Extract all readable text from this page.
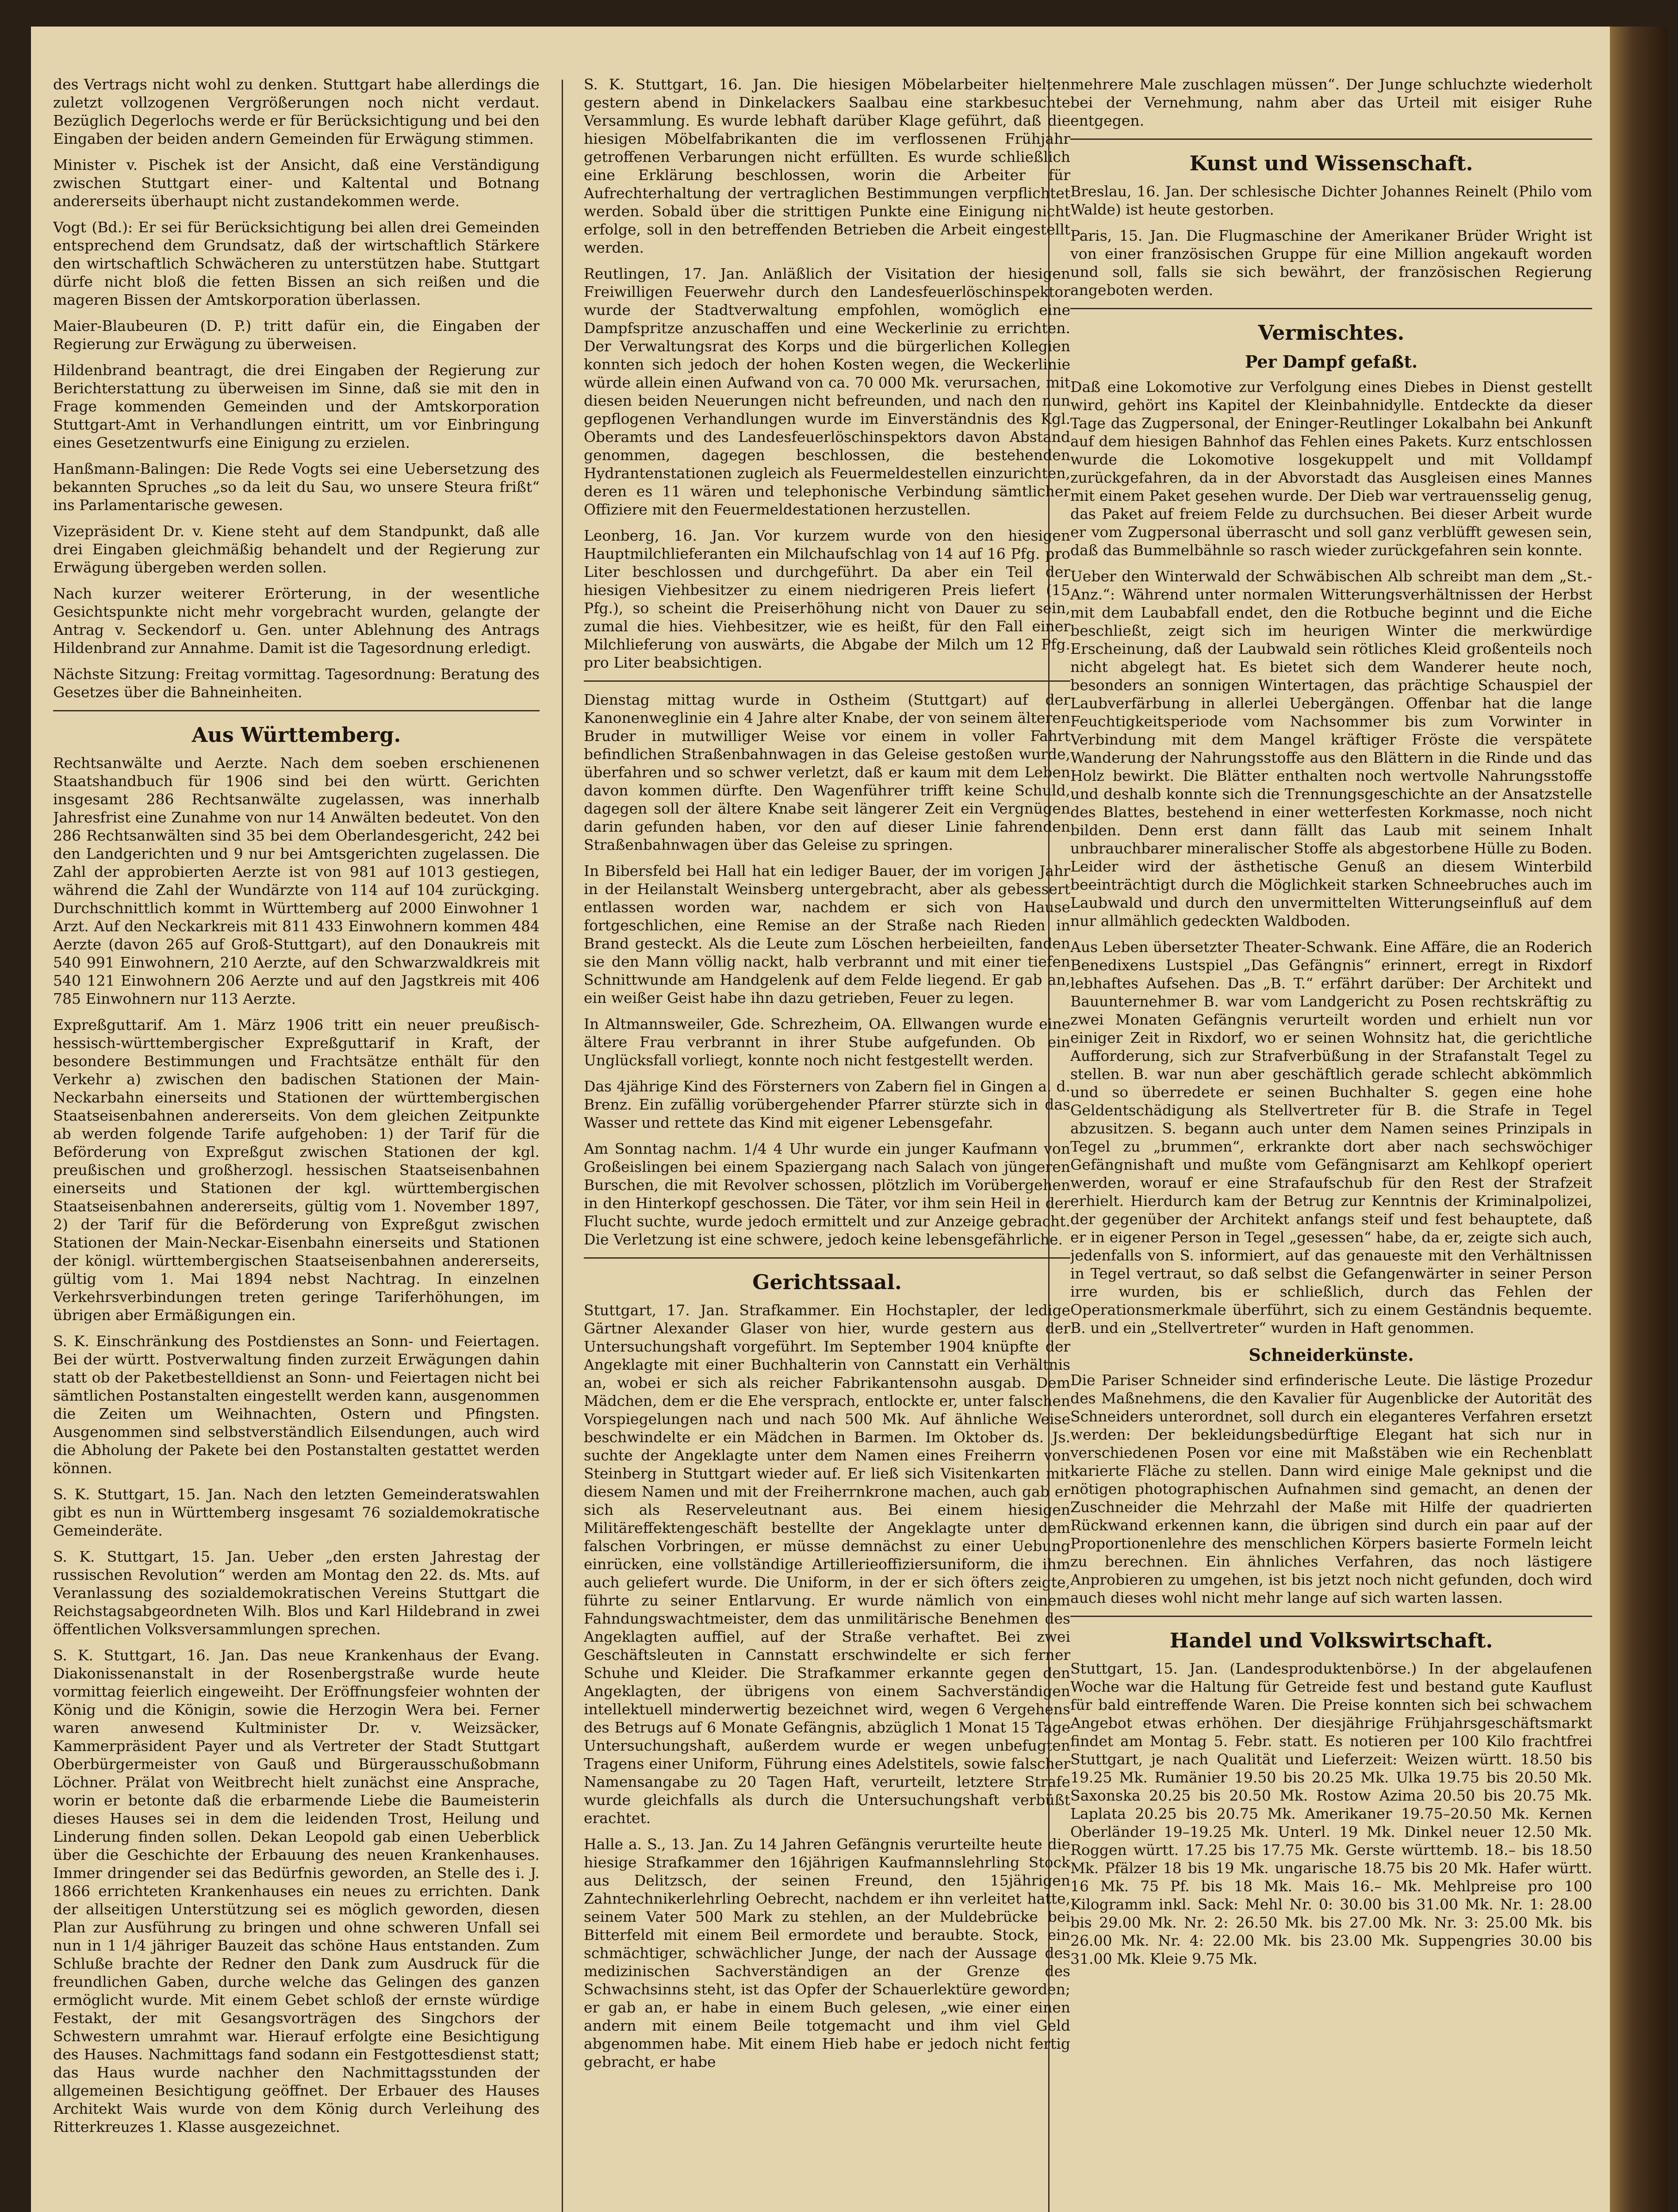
des Vertrags nicht wohl zu denken. Stuttgart habe allerdings die zuletzt vollzogenen Vergrößerungen noch nicht verdaut. Bezüglich Degerlochs werde er für Berücksichtigung und bei den Eingaben der beiden andern Gemeinden für Erwägung stimmen.

Minister v. Pischek ist der Ansicht, daß eine Verständigung zwischen Stuttgart einer- und Kaltental und Botnang andererseits überhaupt nicht zustandekommen werde.

Vogt (Bd.): Er sei für Berücksichtigung bei allen drei Gemeinden entsprechend dem Grundsatz, daß der wirtschaftlich Stärkere den wirtschaftlich Schwächeren zu unterstützen habe. Stuttgart dürfe nicht bloß die fetten Bissen an sich reißen und die mageren Bissen der Amtskorporation überlassen.

Maier-Blaubeuren (D. P.) tritt dafür ein, die Eingaben der Regierung zur Erwägung zu überweisen.

Hildenbrand beantragt, die drei Eingaben der Regierung zur Berichterstattung zu überweisen im Sinne, daß sie mit den in Frage kommenden Gemeinden und der Amtskorporation Stuttgart-Amt in Verhandlungen eintritt, um vor Einbringung eines Gesetzentwurfs eine Einigung zu erzielen.

Hanßmann-Balingen: Die Rede Vogts sei eine Uebersetzung des bekannten Spruches „so da leit du Sau, wo unsere Steura frißt“ ins Parlamentarische gewesen.

Vizepräsident Dr. v. Kiene steht auf dem Standpunkt, daß alle drei Eingaben gleichmäßig behandelt und der Regierung zur Erwägung übergeben werden sollen.

Nach kurzer weiterer Erörterung, in der wesentliche Gesichtspunkte nicht mehr vorgebracht wurden, gelangte der Antrag v. Seckendorf u. Gen. unter Ablehnung des Antrags Hildenbrand zur Annahme. Damit ist die Tagesordnung erledigt.

Nächste Sitzung: Freitag vormittag. Tagesordnung: Beratung des Gesetzes über die Bahneinheiten.

Aus Württemberg.

Rechtsanwälte und Aerzte. Nach dem soeben erschienenen Staatshandbuch für 1906 sind bei den württ. Gerichten insgesamt 286 Rechtsanwälte zugelassen, was innerhalb Jahresfrist eine Zunahme von nur 14 Anwälten bedeutet. Von den 286 Rechtsanwälten sind 35 bei dem Oberlandesgericht, 242 bei den Landgerichten und 9 nur bei Amtsgerichten zugelassen. Die Zahl der approbierten Aerzte ist von 981 auf 1013 gestiegen, während die Zahl der Wundärzte von 114 auf 104 zurückging. Durchschnittlich kommt in Württemberg auf 2000 Einwohner 1 Arzt. Auf den Neckarkreis mit 811 433 Einwohnern kommen 484 Aerzte (davon 265 auf Groß-Stuttgart), auf den Donaukreis mit 540 991 Einwohnern, 210 Aerzte, auf den Schwarzwaldkreis mit 540 121 Einwohnern 206 Aerzte und auf den Jagstkreis mit 406 785 Einwohnern nur 113 Aerzte.

Expreßguttarif. Am 1. März 1906 tritt ein neuer preußisch-hessisch-württembergischer Expreßguttarif in Kraft, der besondere Bestimmungen und Frachtsätze enthält für den Verkehr a) zwischen den badischen Stationen der Main-Neckarbahn einerseits und Stationen der württembergischen Staatseisenbahnen andererseits. Von dem gleichen Zeitpunkte ab werden folgende Tarife aufgehoben: 1) der Tarif für die Beförderung von Expreßgut zwischen Stationen der kgl. preußischen und großherzogl. hessischen Staatseisenbahnen einerseits und Stationen der kgl. württembergischen Staatseisenbahnen andererseits, gültig vom 1. November 1897, 2) der Tarif für die Beförderung von Expreßgut zwischen Stationen der Main-Neckar-Eisenbahn einerseits und Stationen der königl. württembergischen Staatseisenbahnen andererseits, gültig vom 1. Mai 1894 nebst Nachtrag. In einzelnen Verkehrsverbindungen treten geringe Tariferhöhungen, im übrigen aber Ermäßigungen ein.

S. K. Einschränkung des Postdienstes an Sonn- und Feiertagen. Bei der württ. Postverwaltung finden zurzeit Erwägungen dahin statt ob der Paketbestelldienst an Sonn- und Feiertagen nicht bei sämtlichen Postanstalten eingestellt werden kann, ausgenommen die Zeiten um Weihnachten, Ostern und Pfingsten. Ausgenommen sind selbstverständlich Eilsendungen, auch wird die Abholung der Pakete bei den Postanstalten gestattet werden können.

S. K. Stuttgart, 15. Jan. Nach den letzten Gemeinderatswahlen gibt es nun in Württemberg insgesamt 76 sozialdemokratische Gemeinderäte.

S. K. Stuttgart, 15. Jan. Ueber „den ersten Jahrestag der russischen Revolution“ werden am Montag den 22. ds. Mts. auf Veranlassung des sozialdemokratischen Vereins Stuttgart die Reichstagsabgeordneten Wilh. Blos und Karl Hildebrand in zwei öffentlichen Volksversammlungen sprechen.

S. K. Stuttgart, 16. Jan. Das neue Krankenhaus der Evang. Diakonissenanstalt in der Rosenbergstraße wurde heute vormittag feierlich eingeweiht. Der Eröffnungsfeier wohnten der König und die Königin, sowie die Herzogin Wera bei. Ferner waren anwesend Kultminister Dr. v. Weizsäcker, Kammerpräsident Payer und als Vertreter der Stadt Stuttgart Oberbürgermeister von Gauß und Bürgerausschußobmann Löchner. Prälat von Weitbrecht hielt zunächst eine Ansprache, worin er betonte daß die erbarmende Liebe die Baumeisterin dieses Hauses sei in dem die leidenden Trost, Heilung und Linderung finden sollen. Dekan Leopold gab einen Ueberblick über die Geschichte der Erbauung des neuen Krankenhauses. Immer dringender sei das Bedürfnis geworden, an Stelle des i. J. 1866 errichteten Krankenhauses ein neues zu errichten. Dank der allseitigen Unterstützung sei es möglich geworden, diesen Plan zur Ausführung zu bringen und ohne schweren Unfall sei nun in 1 1/4 jähriger Bauzeit das schöne Haus entstanden. Zum Schluße brachte der Redner den Dank zum Ausdruck für die freundlichen Gaben, durche welche das Gelingen des ganzen ermöglicht wurde. Mit einem Gebet schloß der ernste würdige Festakt, der mit Gesangsvorträgen des Singchors der Schwestern umrahmt war. Hierauf erfolgte eine Besichtigung des Hauses. Nachmittags fand sodann ein Festgottesdienst statt; das Haus wurde nachher den Nachmittagsstunden der allgemeinen Besichtigung geöffnet. Der Erbauer des Hauses Architekt Wais wurde von dem König durch Verleihung des Ritterkreuzes 1. Klasse ausgezeichnet.

S. K. Stuttgart, 16. Jan. Die hiesigen Möbelarbeiter hielten gestern abend in Dinkelackers Saalbau eine starkbesuchte Versammlung. Es wurde lebhaft darüber Klage geführt, daß die hiesigen Möbelfabrikanten die im verflossenen Frühjahr getroffenen Verbarungen nicht erfüllten. Es wurde schließlich eine Erklärung beschlossen, worin die Arbeiter für Aufrechterhaltung der vertraglichen Bestimmungen verpflichtet werden. Sobald über die strittigen Punkte eine Einigung nicht erfolge, soll in den betreffenden Betrieben die Arbeit eingestellt werden.

Reutlingen, 17. Jan. Anläßlich der Visitation der hiesigen Freiwilligen Feuerwehr durch den Landesfeuerlöschinspektor wurde der Stadtverwaltung empfohlen, womöglich eine Dampfspritze anzuschaffen und eine Weckerlinie zu errichten. Der Verwaltungsrat des Korps und die bürgerlichen Kollegien konnten sich jedoch der hohen Kosten wegen, die Weckerlinie würde allein einen Aufwand von ca. 70 000 Mk. verursachen, mit diesen beiden Neuerungen nicht befreunden, und nach den nun gepflogenen Verhandlungen wurde im Einverständnis des Kgl. Oberamts und des Landesfeuerlöschinspektors davon Abstand genommen, dagegen beschlossen, die bestehenden Hydrantenstationen zugleich als Feuermeldestellen einzurichten, deren es 11 wären und telephonische Verbindung sämtlicher Offiziere mit den Feuermeldestationen herzustellen.

Leonberg, 16. Jan. Vor kurzem wurde von den hiesigen Hauptmilchlieferanten ein Milchaufschlag von 14 auf 16 Pfg. pro Liter beschlossen und durchgeführt. Da aber ein Teil der hiesigen Viehbesitzer zu einem niedrigeren Preis liefert (15 Pfg.), so scheint die Preiserhöhung nicht von Dauer zu sein, zumal die hies. Viehbesitzer, wie es heißt, für den Fall einer Milchlieferung von auswärts, die Abgabe der Milch um 12 Pfg. pro Liter beabsichtigen.

Dienstag mittag wurde in Ostheim (Stuttgart) auf der Kanonenweglinie ein 4 Jahre alter Knabe, der von seinem älteren Bruder in mutwilliger Weise vor einem in voller Fahrt befindlichen Straßenbahnwagen in das Geleise gestoßen wurde, überfahren und so schwer verletzt, daß er kaum mit dem Leben davon kommen dürfte. Den Wagenführer trifft keine Schuld, dagegen soll der ältere Knabe seit längerer Zeit ein Vergnügen darin gefunden haben, vor den auf dieser Linie fahrenden Straßenbahnwagen über das Geleise zu springen.

In Bibersfeld bei Hall hat ein lediger Bauer, der im vorigen Jahr in der Heilanstalt Weinsberg untergebracht, aber als gebessert entlassen worden war, nachdem er sich von Hause fortgeschlichen, eine Remise an der Straße nach Rieden in Brand gesteckt. Als die Leute zum Löschen herbeieilten, fanden sie den Mann völlig nackt, halb verbrannt und mit einer tiefen Schnittwunde am Handgelenk auf dem Felde liegend. Er gab an, ein weißer Geist habe ihn dazu getrieben, Feuer zu legen.

In Altmannsweiler, Gde. Schrezheim, OA. Ellwangen wurde eine ältere Frau verbrannt in ihrer Stube aufgefunden. Ob ein Unglücksfall vorliegt, konnte noch nicht festgestellt werden.

Das 4jährige Kind des Försterners von Zabern fiel in Gingen a. d. Brenz. Ein zufällig vorübergehender Pfarrer stürzte sich in das Wasser und rettete das Kind mit eigener Lebensgefahr.

Am Sonntag nachm. 1/4 4 Uhr wurde ein junger Kaufmann von Großeislingen bei einem Spaziergang nach Salach von jüngeren Burschen, die mit Revolver schossen, plötzlich im Vorübergehen in den Hinterkopf geschossen. Die Täter, vor ihm sein Heil in der Flucht suchte, wurde jedoch ermittelt und zur Anzeige gebracht. Die Verletzung ist eine schwere, jedoch keine lebensgefährliche.

Gerichtssaal.

Stuttgart, 17. Jan. Strafkammer. Ein Hochstapler, der ledige Gärtner Alexander Glaser von hier, wurde gestern aus der Untersuchungshaft vorgeführt. Im September 1904 knüpfte der Angeklagte mit einer Buchhalterin von Cannstatt ein Verhältnis an, wobei er sich als reicher Fabrikantensohn ausgab. Dem Mädchen, dem er die Ehe versprach, entlockte er, unter falschen Vorspiegelungen nach und nach 500 Mk. Auf ähnliche Weise beschwindelte er ein Mädchen in Barmen. Im Oktober ds. Js. suchte der Angeklagte unter dem Namen eines Freiherrn von Steinberg in Stuttgart wieder auf. Er ließ sich Visitenkarten mit diesem Namen und mit der Freiherrnkrone machen, auch gab er sich als Reserveleutnant aus. Bei einem hiesigen Militäreffektengeschäft bestellte der Angeklagte unter dem falschen Vorbringen, er müsse demnächst zu einer Uebung einrücken, eine vollständige Artillerieoffiziersuniform, die ihm auch geliefert wurde. Die Uniform, in der er sich öfters zeigte, führte zu seiner Entlarvung. Er wurde nämlich von einem Fahndungswachtmeister, dem das unmilitärische Benehmen des Angeklagten auffiel, auf der Straße verhaftet. Bei zwei Geschäftsleuten in Cannstatt erschwindelte er sich ferner Schuhe und Kleider. Die Strafkammer erkannte gegen den Angeklagten, der übrigens von einem Sachverständigen intellektuell minderwertig bezeichnet wird, wegen 6 Vergehens des Betrugs auf 6 Monate Gefängnis, abzüglich 1 Monat 15 Tage Untersuchungshaft, außerdem wurde er wegen unbefugten Tragens einer Uniform, Führung eines Adelstitels, sowie falscher Namensangabe zu 20 Tagen Haft, verurteilt, letztere Strafe wurde gleichfalls als durch die Untersuchungshaft verbüßt erachtet.

Halle a. S., 13. Jan. Zu 14 Jahren Gefängnis verurteilte heute die hiesige Strafkammer den 16jährigen Kaufmannslehrling Stock aus Delitzsch, der seinen Freund, den 15jährigen Zahntechnikerlehrling Oebrecht, nachdem er ihn verleitet hatte, seinem Vater 500 Mark zu stehlen, an der Muldebrücke bei Bitterfeld mit einem Beil ermordete und beraubte. Stock, ein schmächtiger, schwächlicher Junge, der nach der Aussage des medizinischen Sachverständigen an der Grenze des Schwachsinns steht, ist das Opfer der Schauerlektüre geworden; er gab an, er habe in einem Buch gelesen, „wie einer einen andern mit einem Beile totgemacht und ihm viel Geld abgenommen habe. Mit einem Hieb habe er jedoch nicht fertig gebracht, er habe

mehrere Male zuschlagen müssen“. Der Junge schluchzte wiederholt bei der Vernehmung, nahm aber das Urteil mit eisiger Ruhe entgegen.

Kunst und Wissenschaft.

Breslau, 16. Jan. Der schlesische Dichter Johannes Reinelt (Philo vom Walde) ist heute gestorben.

Paris, 15. Jan. Die Flugmaschine der Amerikaner Brüder Wright ist von einer französischen Gruppe für eine Million angekauft worden und soll, falls sie sich bewährt, der französischen Regierung angeboten werden.

Vermischtes.
Per Dampf gefaßt.

Daß eine Lokomotive zur Verfolgung eines Diebes in Dienst gestellt wird, gehört ins Kapitel der Kleinbahnidylle. Entdeckte da dieser Tage das Zugpersonal, der Eninger-Reutlinger Lokalbahn bei Ankunft auf dem hiesigen Bahnhof das Fehlen eines Pakets. Kurz entschlossen wurde die Lokomotive losgekuppelt und mit Volldampf zurückgefahren, da in der Abvorstadt das Ausgleisen eines Mannes mit einem Paket gesehen wurde. Der Dieb war vertrauensselig genug, das Paket auf freiem Felde zu durchsuchen. Bei dieser Arbeit wurde er vom Zugpersonal überrascht und soll ganz verblüfft gewesen sein, daß das Bummelbähnle so rasch wieder zurückgefahren sein konnte.

Ueber den Winterwald der Schwäbischen Alb schreibt man dem „St.-Anz.“: Während unter normalen Witterungsverhältnissen der Herbst mit dem Laubabfall endet, den die Rotbuche beginnt und die Eiche beschließt, zeigt sich im heurigen Winter die merkwürdige Erscheinung, daß der Laubwald sein rötliches Kleid großenteils noch nicht abgelegt hat. Es bietet sich dem Wanderer heute noch, besonders an sonnigen Wintertagen, das prächtige Schauspiel der Laubverfärbung in allerlei Uebergängen. Offenbar hat die lange Feuchtigkeitsperiode vom Nachsommer bis zum Vorwinter in Verbindung mit dem Mangel kräftiger Fröste die verspätete Wanderung der Nahrungsstoffe aus den Blättern in die Rinde und das Holz bewirkt. Die Blätter enthalten noch wertvolle Nahrungsstoffe und deshalb konnte sich die Trennungsgeschichte an der Ansatzstelle des Blattes, bestehend in einer wetterfesten Korkmasse, noch nicht bilden. Denn erst dann fällt das Laub mit seinem Inhalt unbrauchbarer mineralischer Stoffe als abgestorbene Hülle zu Boden. Leider wird der ästhetische Genuß an diesem Winterbild beeinträchtigt durch die Möglichkeit starken Schneebruches auch im Laubwald und durch den unvermittelten Witterungseinfluß auf dem nur allmählich gedeckten Waldboden.

Aus Leben übersetzter Theater-Schwank. Eine Affäre, die an Roderich Benedixens Lustspiel „Das Gefängnis“ erinnert, erregt in Rixdorf lebhaftes Aufsehen. Das „B. T.“ erfährt darüber: Der Architekt und Bauunternehmer B. war vom Landgericht zu Posen rechtskräftig zu zwei Monaten Gefängnis verurteilt worden und erhielt nun vor einiger Zeit in Rixdorf, wo er seinen Wohnsitz hat, die gerichtliche Aufforderung, sich zur Strafverbüßung in der Strafanstalt Tegel zu stellen. B. war nun aber geschäftlich gerade schlecht abkömmlich und so überredete er seinen Buchhalter S. gegen eine hohe Geldentschädigung als Stellvertreter für B. die Strafe in Tegel abzusitzen. S. begann auch unter dem Namen seines Prinzipals in Tegel zu „brummen“, erkrankte dort aber nach sechswöchiger Gefängnishaft und mußte vom Gefängnisarzt am Kehlkopf operiert werden, worauf er eine Strafaufschub für den Rest der Strafzeit erhielt. Hierdurch kam der Betrug zur Kenntnis der Kriminalpolizei, der gegenüber der Architekt anfangs steif und fest behauptete, daß er in eigener Person in Tegel „gesessen“ habe, da er, zeigte sich auch, jedenfalls von S. informiert, auf das genaueste mit den Verhältnissen in Tegel vertraut, so daß selbst die Gefangenwärter in seiner Person irre wurden, bis er schließlich, durch das Fehlen der Operationsmerkmale überführt, sich zu einem Geständnis bequemte. B. und ein „Stellvertreter“ wurden in Haft genommen.

Schneiderkünste.

Die Pariser Schneider sind erfinderische Leute. Die lästige Prozedur des Maßnehmens, die den Kavalier für Augenblicke der Autorität des Schneiders unterordnet, soll durch ein eleganteres Verfahren ersetzt werden: Der bekleidungsbedürftige Elegant hat sich nur in verschiedenen Posen vor eine mit Maßstäben wie ein Rechenblatt karierte Fläche zu stellen. Dann wird einige Male geknipst und die nötigen photographischen Aufnahmen sind gemacht, an denen der Zuschneider die Mehrzahl der Maße mit Hilfe der quadrierten Rückwand erkennen kann, die übrigen sind durch ein paar auf der Proportionenlehre des menschlichen Körpers basierte Formeln leicht zu berechnen. Ein ähnliches Verfahren, das noch lästigere Anprobieren zu umgehen, ist bis jetzt noch nicht gefunden, doch wird auch dieses wohl nicht mehr lange auf sich warten lassen.

Handel und Volkswirtschaft.

Stuttgart, 15. Jan. (Landesproduktenbörse.) In der abgelaufenen Woche war die Haltung für Getreide fest und bestand gute Kauflust für bald eintreffende Waren. Die Preise konnten sich bei schwachem Angebot etwas erhöhen. Der diesjährige Frühjahrsgeschäftsmarkt findet am Montag 5. Febr. statt. Es notieren per 100 Kilo frachtfrei Stuttgart, je nach Qualität und Lieferzeit: Weizen württ. 18.50 bis 19.25 Mk. Rumänier 19.50 bis 20.25 Mk. Ulka 19.75 bis 20.50 Mk. Saxonska 20.25 bis 20.50 Mk. Rostow Azima 20.50 bis 20.75 Mk. Laplata 20.25 bis 20.75 Mk. Amerikaner 19.75–20.50 Mk. Kernen Oberländer 19–19.25 Mk. Unterl. 19 Mk. Dinkel neuer 12.50 Mk. Roggen württ. 17.25 bis 17.75 Mk. Gerste württemb. 18.– bis 18.50 Mk. Pfälzer 18 bis 19 Mk. ungarische 18.75 bis 20 Mk. Hafer württ. 16 Mk. 75 Pf. bis 18 Mk. Mais 16.– Mk. Mehlpreise pro 100 Kilogramm inkl. Sack: Mehl Nr. 0: 30.00 bis 31.00 Mk. Nr. 1: 28.00 bis 29.00 Mk. Nr. 2: 26.50 Mk. bis 27.00 Mk. Nr. 3: 25.00 Mk. bis 26.00 Mk. Nr. 4: 22.00 Mk. bis 23.00 Mk. Suppengries 30.00 bis 31.00 Mk. Kleie 9.75 Mk.
